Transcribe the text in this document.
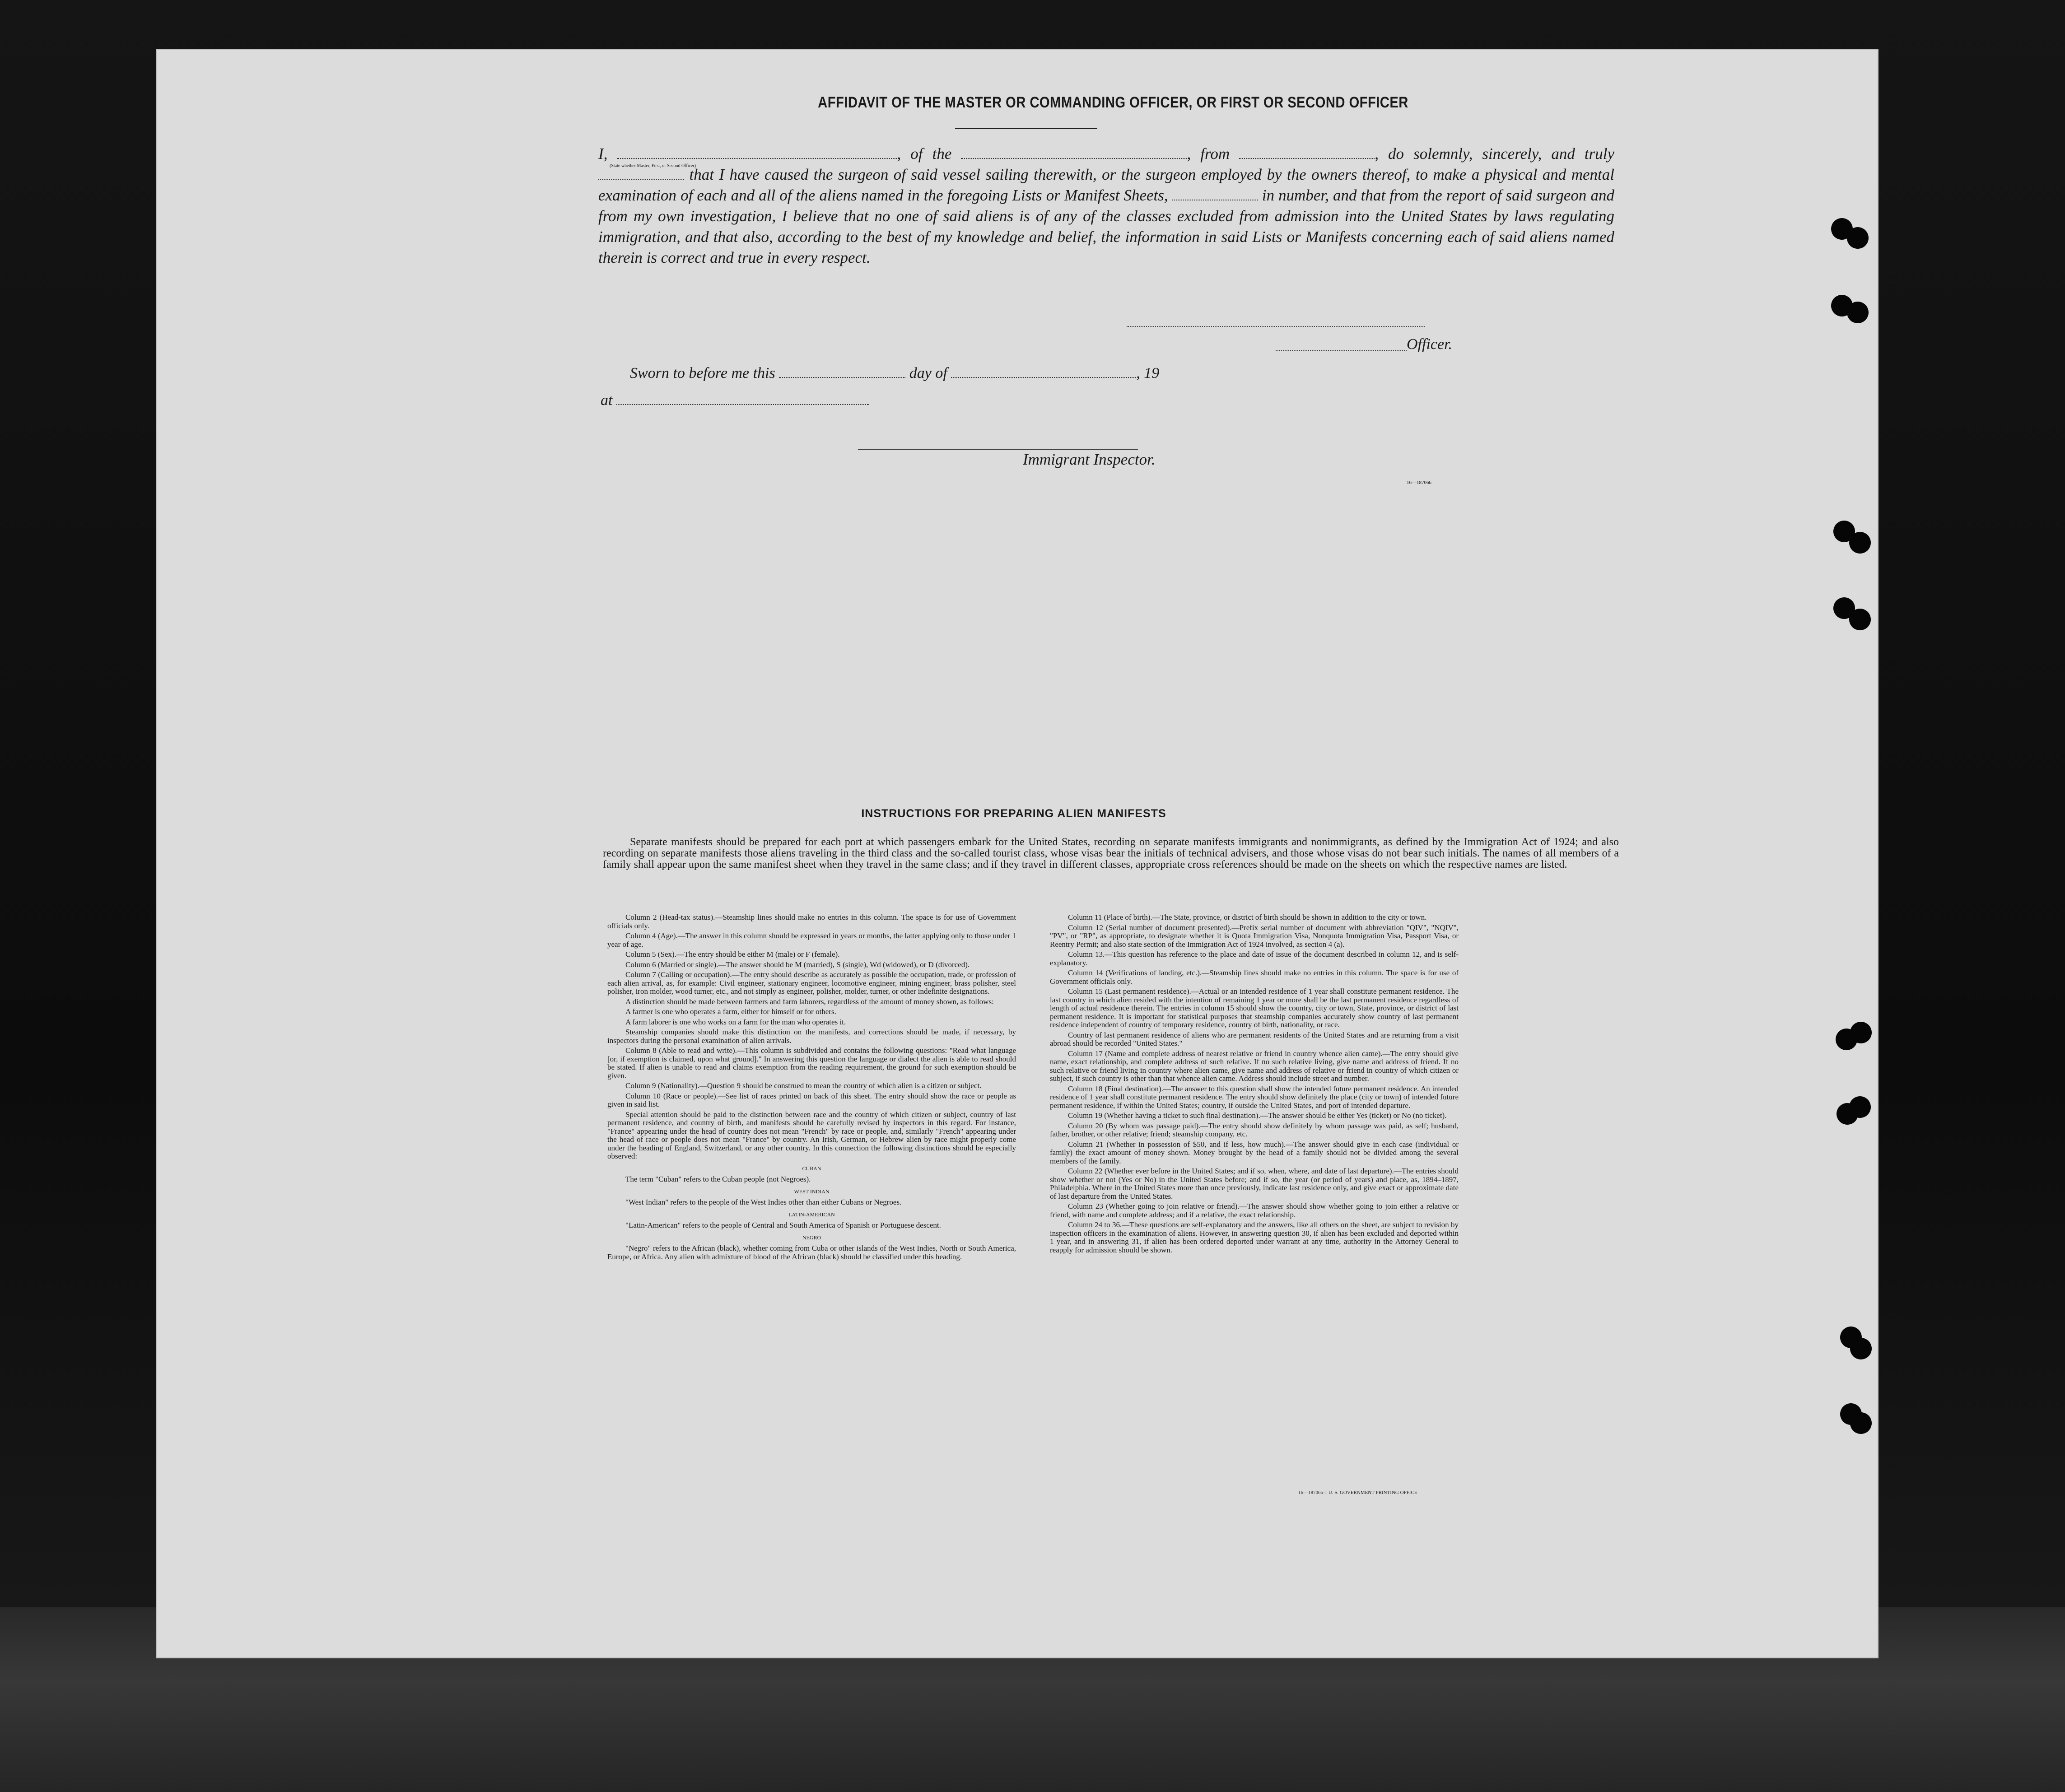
AFFIDAVIT OF THE MASTER OR COMMANDING OFFICER, OR FIRST OR SECOND OFFICER
I,	, of the	, from	, do solemnly, sincerely, and truly  that I have caused the surgeon of said vessel sailing therewith, or the surgeon employed by the owners thereof, to make a physical and mental examination of each and all of the aliens named in the foregoing Lists or Manifest Sheets,	in number, and that from the report of said surgeon and from my own investigation, I believe that no one of said aliens is of any of the classes excluded from admission into the United States by laws regulating immigration, and that also, according to the best of my knowledge and belief, the information in said Lists or Manifests concerning each of said aliens named therein is correct and true in every respect.
(State whether Master, First, or Second Officer)
Officer.
Sworn to before me this	day of	, 19
at
Immigrant Inspector.
16—18706b
INSTRUCTIONS FOR PREPARING ALIEN MANIFESTS
Separate manifests should be prepared for each port at which passengers embark for the United States, recording on separate manifests immigrants and nonimmigrants, as defined by the Immigration Act of 1924; and also recording on separate manifests those aliens traveling in the third class and the so-called tourist class, whose visas bear the initials of technical advisers, and those whose visas do not bear such initials. The names of all members of a family shall appear upon the same manifest sheet when they travel in the same class; and if they travel in different classes, appropriate cross references should be made on the sheets on which the respective names are listed.

Column 2 (Head-tax status).—Steamship lines should make no entries in this column. The space is for use of Government officials only.

Column 4 (Age).—The answer in this column should be expressed in years or months, the latter applying only to those under 1 year of age.

Column 5 (Sex).—The entry should be either M (male) or F (female).

Column 6 (Married or single).—The answer should be M (married), S (single), Wd (widowed), or D (divorced).

Column 7 (Calling or occupation).—The entry should describe as accurately as possible the occupation, trade, or profession of each alien arrival, as, for example: Civil engineer, stationary engineer, locomotive engineer, mining engineer, brass polisher, steel polisher, iron molder, wood turner, etc., and not simply as engineer, polisher, molder, turner, or other indefinite designations.

A distinction should be made between farmers and farm laborers, regardless of the amount of money shown, as follows:

A farmer is one who operates a farm, either for himself or for others.

A farm laborer is one who works on a farm for the man who operates it.

Steamship companies should make this distinction on the manifests, and corrections should be made, if necessary, by inspectors during the personal examination of alien arrivals.

Column 8 (Able to read and write).—This column is subdivided and contains the following questions: "Read what language [or, if exemption is claimed, upon what ground]." In answering this question the language or dialect the alien is able to read should be stated. If alien is unable to read and claims exemption from the reading requirement, the ground for such exemption should be given.

Column 9 (Nationality).—Question 9 should be construed to mean the country of which alien is a citizen or subject.

Column 10 (Race or people).—See list of races printed on back of this sheet. The entry should show the race or people as given in said list.

Special attention should be paid to the distinction between race and the country of which citizen or subject, country of last permanent residence, and country of birth, and manifests should be carefully revised by inspectors in this regard. For instance, "France" appearing under the head of country does not mean "French" by race or people, and, similarly "French" appearing under the head of race or people does not mean "France" by country. An Irish, German, or Hebrew alien by race might properly come under the heading of England, Switzerland, or any other country. In this connection the following distinctions should be especially observed:

CUBAN

The term "Cuban" refers to the Cuban people (not Negroes).

WEST INDIAN

"West Indian" refers to the people of the West Indies other than either Cubans or Negroes.

LATIN-AMERICAN

"Latin-American" refers to the people of Central and South America of Spanish or Portuguese descent.

NEGRO

"Negro" refers to the African (black), whether coming from Cuba or other islands of the West Indies, North or South America, Europe, or Africa. Any alien with admixture of blood of the African (black) should be classified under this heading.

Column 11 (Place of birth).—The State, province, or district of birth should be shown in addition to the city or town.

Column 12 (Serial number of document presented).—Prefix serial number of document with abbreviation "QIV", "NQIV", "PV", or "RP", as appropriate, to designate whether it is Quota Immigration Visa, Nonquota Immigration Visa, Passport Visa, or Reentry Permit; and also state section of the Immigration Act of 1924 involved, as section 4 (a).

Column 13.—This question has reference to the place and date of issue of the document described in column 12, and is self-explanatory.

Column 14 (Verifications of landing, etc.).—Steamship lines should make no entries in this column. The space is for use of Government officials only.

Column 15 (Last permanent residence).—Actual or an intended residence of 1 year shall constitute permanent residence. The last country in which alien resided with the intention of remaining 1 year or more shall be the last permanent residence regardless of length of actual residence therein. The entries in column 15 should show the country, city or town, State, province, or district of last permanent residence. It is important for statistical purposes that steamship companies accurately show country of last permanent residence independent of country of temporary residence, country of birth, nationality, or race.

Country of last permanent residence of aliens who are permanent residents of the United States and are returning from a visit abroad should be recorded "United States."

Column 17 (Name and complete address of nearest relative or friend in country whence alien came).—The entry should give name, exact relationship, and complete address of such relative. If no such relative living, give name and address of friend. If no such relative or friend living in country where alien came, give name and address of relative or friend in country of which citizen or subject, if such country is other than that whence alien came. Address should include street and number.

Column 18 (Final destination).—The answer to this question shall show the intended future permanent residence. An intended residence of 1 year shall constitute permanent residence. The entry should show definitely the place (city or town) of intended future permanent residence, if within the United States; country, if outside the United States, and port of intended departure.

Column 19 (Whether having a ticket to such final destination).—The answer should be either Yes (ticket) or No (no ticket).

Column 20 (By whom was passage paid).—The entry should show definitely by whom passage was paid, as self; husband, father, brother, or other relative; friend; steamship company, etc.

Column 21 (Whether in possession of $50, and if less, how much).—The answer should give in each case (individual or family) the exact amount of money shown. Money brought by the head of a family should not be divided among the several members of the family.

Column 22 (Whether ever before in the United States; and if so, when, where, and date of last departure).—The entries should show whether or not (Yes or No) in the United States before; and if so, the year (or period of years) and place, as, 1894–1897, Philadelphia. Where in the United States more than once previously, indicate last residence only, and give exact or approximate date of last departure from the United States.

Column 23 (Whether going to join relative or friend).—The answer should show whether going to join either a relative or friend, with name and complete address; and if a relative, the exact relationship.

Column 24 to 36.—These questions are self-explanatory and the answers, like all others on the sheet, are subject to revision by inspection officers in the examination of aliens. However, in answering question 30, if alien has been excluded and deported within 1 year, and in answering 31, if alien has been ordered deported under warrant at any time, authority in the Attorney General to reapply for admission should be shown.

16—18706b-1 U. S. GOVERNMENT PRINTING OFFICE
